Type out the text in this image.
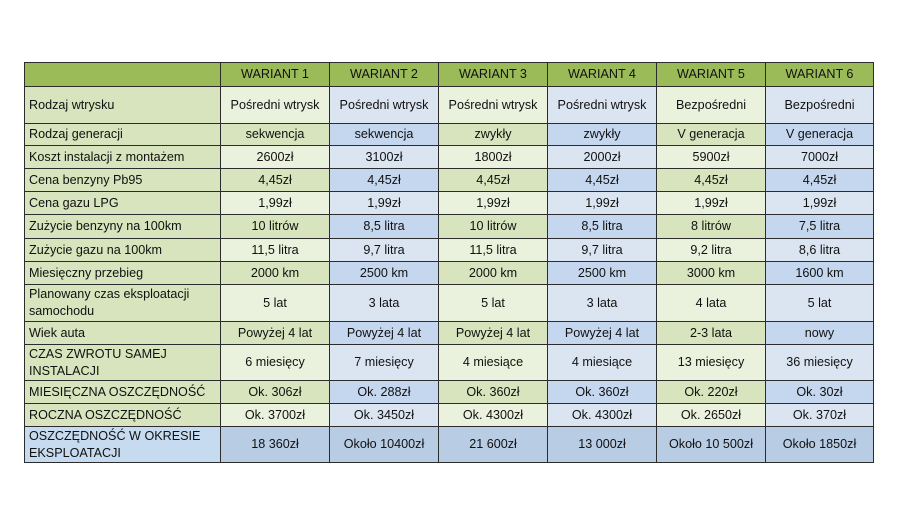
	WARIANT 1	WARIANT 2	WARIANT 3	WARIANT 4	WARIANT 5	WARIANT 6
Rodzaj wtrysku	Pośredni wtrysk	Pośredni wtrysk	Pośredni wtrysk	Pośredni wtrysk	Bezpośredni	Bezpośredni
Rodzaj generacji	sekwencja	sekwencja	zwykły	zwykły	V generacja	V generacja
Koszt instalacji z montażem	2600zł	3100zł	1800zł	2000zł	5900zł	7000zł
Cena benzyny Pb95	4,45zł	4,45zł	4,45zł	4,45zł	4,45zł	4,45zł
Cena gazu LPG	1,99zł	1,99zł	1,99zł	1,99zł	1,99zł	1,99zł
Zużycie benzyny na 100km	10 litrów	8,5 litra	10 litrów	8,5 litra	8 litrów	7,5 litra
Zużycie gazu na 100km	11,5 litra	9,7 litra	11,5 litra	9,7 litra	9,2 litra	8,6 litra
Miesięczny przebieg	2000 km	2500 km	2000 km	2500 km	3000 km	1600 km
Planowany czas eksploatacji samochodu	5 lat	3 lata	5 lat	3 lata	4 lata	5 lat
Wiek auta	Powyżej 4 lat	Powyżej 4 lat	Powyżej 4 lat	Powyżej 4 lat	2-3 lata	nowy
CZAS ZWROTU SAMEJ INSTALACJI	6 miesięcy	7 miesięcy	4 miesiące	4 miesiące	13 miesięcy	36 miesięcy
MIESIĘCZNA OSZCZĘDNOŚĆ	Ok. 306zł	Ok. 288zł	Ok. 360zł	Ok. 360zł	Ok. 220zł	Ok. 30zł
ROCZNA OSZCZĘDNOŚĆ	Ok. 3700zł	Ok. 3450zł	Ok. 4300zł	Ok. 4300zł	Ok. 2650zł	Ok. 370zł
OSZCZĘDNOŚĆ W OKRESIE EKSPLOATACJI	18 360zł	Około 10400zł	21 600zł	13 000zł	Około 10 500zł	Około 1850zł
